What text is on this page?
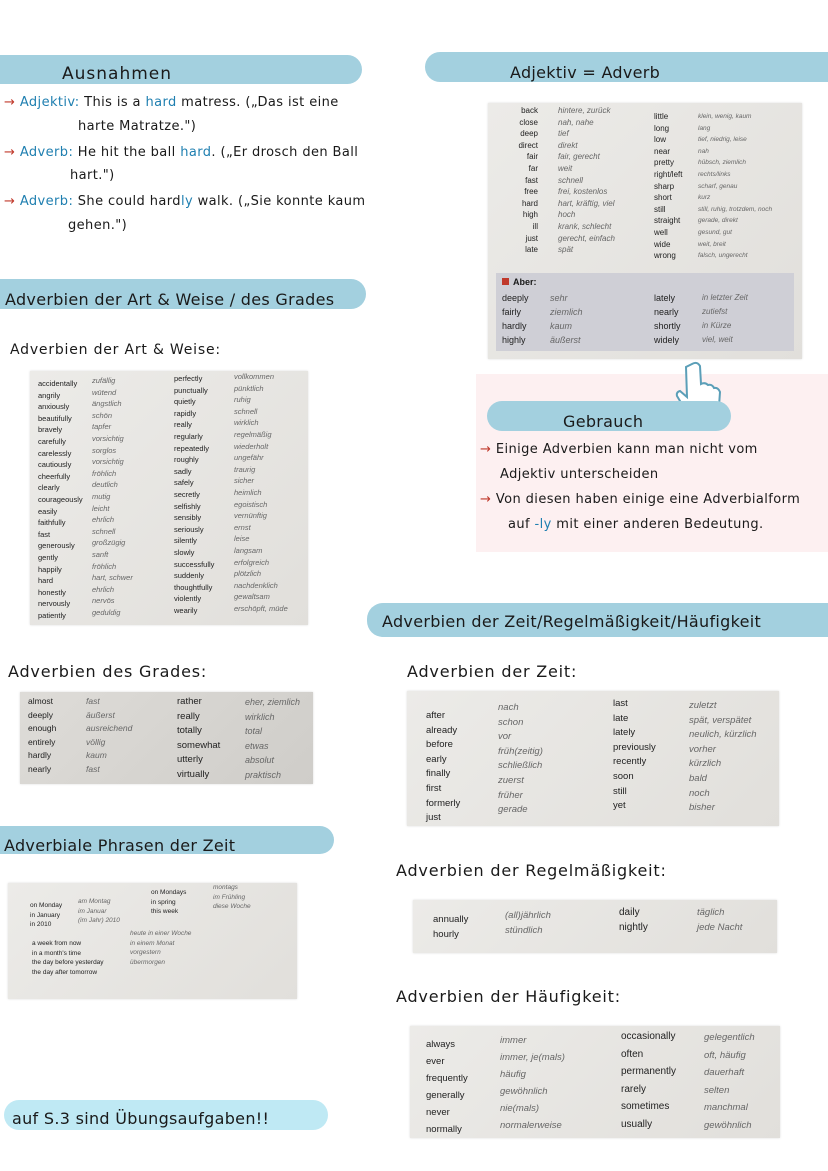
Ausnahmen
→ Adjektiv: This is a hard matress. („Das ist eine
harte Matratze.")
→ Adverb: He hit the ball hard. („Er drosch den Ball
hart.")
→ Adverb: She could hardly walk. („Sie konnte kaum
gehen.")
Adjektiv = Adverb
back
close
deep
direct
fair
far
fast
free
hard
high
ill
just
late
hintere, zurück
nah, nahe
tief
direkt
fair, gerecht
weit
schnell
frei, kostenlos
hart, kräftig, viel
hoch
krank, schlecht
gerecht, einfach
spät
little
long
low
near
pretty
right/left
sharp
short
still
straight
well
wide
wrong
klein, wenig, kaum
lang
tief, niedrig, leise
nah
hübsch, ziemlich
rechts/links
scharf, genau
kurz
still, ruhig, trotzdem, noch
gerade, direkt
gesund, gut
weit, breit
falsch, ungerecht
Aber:
deeply
fairly
hardly
highly
sehr
ziemlich
kaum
äußerst
lately
nearly
shortly
widely
in letzter Zeit
zutiefst
in Kürze
viel, weit
Gebrauch
→ Einige Adverbien kann man nicht vom
Adjektiv unterscheiden
→ Von diesen haben einige eine Adverbialform
auf -ly mit einer anderen Bedeutung.
Adverbien der Art & Weise / des Grades
Adverbien der Art & Weise:
accidentally
angrily
anxiously
beautifully
bravely
carefully
carelessly
cautiously
cheerfully
clearly
courageously
easily
faithfully
fast
generously
gently
happily
hard
honestly
nervously
patiently
zufällig
wütend
ängstlich
schön
tapfer
vorsichtig
sorglos
vorsichtig
fröhlich
deutlich
mutig
leicht
ehrlich
schnell
großzügig
sanft
fröhlich
hart, schwer
ehrlich
nervös
geduldig
perfectly
punctually
quietly
rapidly
really
regularly
repeatedly
roughly
sadly
safely
secretly
selfishly
sensibly
seriously
silently
slowly
successfully
suddenly
thoughtfully
violently
wearily
vollkommen
pünktlich
ruhig
schnell
wirklich
regelmäßig
wiederholt
ungefähr
traurig
sicher
heimlich
egoistisch
vernünftig
ernst
leise
langsam
erfolgreich
plötzlich
nachdenklich
gewaltsam
erschöpft, müde
Adverbien des Grades:
almost
deeply
enough
entirely
hardly
nearly
fast
äußerst
ausreichend
völlig
kaum
fast
rather
really
totally
somewhat
utterly
virtually
eher, ziemlich
wirklich
total
etwas
absolut
praktisch
Adverbiale Phrasen der Zeit
on Monday
in January
in 2010
am Montag
im Januar
(im Jahr) 2010
on Mondays
in spring
this week
montags
im Frühling
diese Woche
a week from now
in a month's time
the day before yesterday
the day after tomorrow
heute in einer Woche
in einem Monat
vorgestern
übermorgen
Adverbien der Zeit/Regelmäßigkeit/Häufigkeit
Adverbien der Zeit:
after
already
before
early
finally
first
formerly
just
nach
schon
vor
früh(zeitig)
schließlich
zuerst
früher
gerade
last
late
lately
previously
recently
soon
still
yet
zuletzt
spät, verspätet
neulich, kürzlich
vorher
kürzlich
bald
noch
bisher
Adverbien der Regelmäßigkeit:
annually
hourly
(all)jährlich
stündlich
daily
nightly
täglich
jede Nacht
Adverbien der Häufigkeit:
always
ever
frequently
generally
never
normally
immer
immer, je(mals)
häufig
gewöhnlich
nie(mals)
normalerweise
occasionally
often
permanently
rarely
sometimes
usually
gelegentlich
oft, häufig
dauerhaft
selten
manchmal
gewöhnlich
auf S.3 sind Übungsaufgaben!!
